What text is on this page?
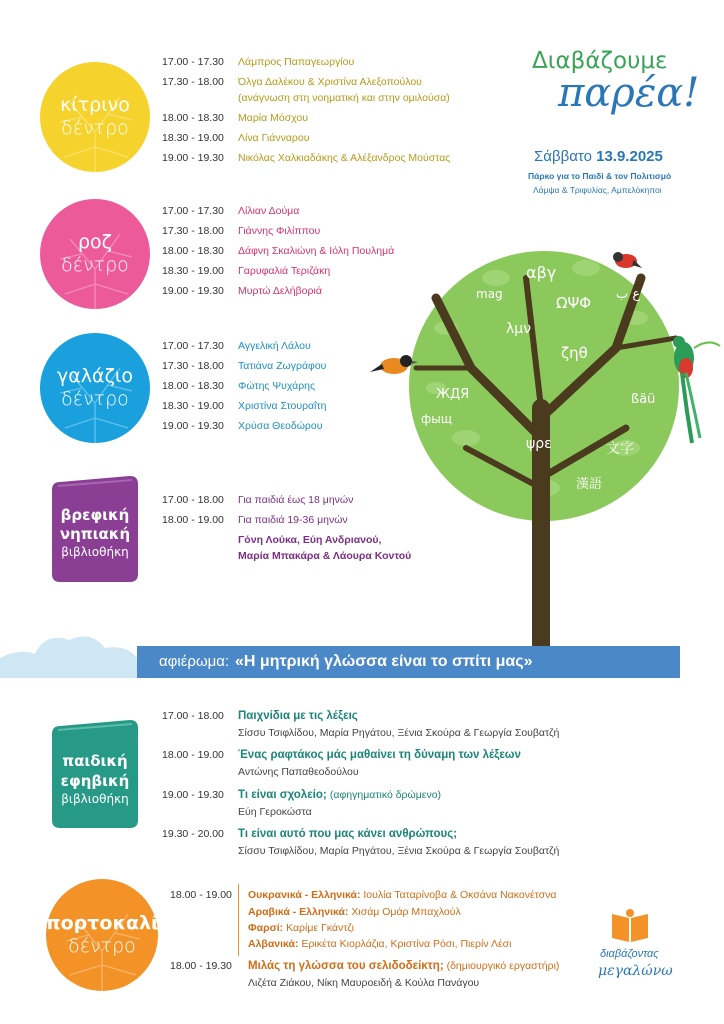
κίτρινο
δέντρο
17.00 - 17.30 Λάμπρος Παπαγεωργίου
17.30 - 18.00 Όλγα Δαλέκου & Χριστίνα Αλεξοπούλου
(ανάγνωση στη νοηματική και στην ομιλούσα)
18.00 - 18.30 Μαρία Μόσχου
18.30 - 19.00 Λίνα Γιάνναρου
19.00 - 19.30 Νικόλας Χαλκιαδάκης & Αλέξανδρος Μούστας
Διαβάζουμε
παρέα!
Σάββατο 13.9.2025
Πάρκο για το Παιδί & τον Πολιτισμό
Λάμψα & Τριφυλίας, Αμπελόκηποι
ροζ
δέντρο
17.00 - 17.30 Λίλιαν Δούμα
17.30 - 18.00 Γιάννης Φιλίππου
18.00 - 18.30 Δάφνη Σκαλιώνη & Ιόλη Πουλημά
18.30 - 19.00 Γαρυφαλιά Τεριζάκη
19.00 - 19.30 Μυρτώ Δελήβοριά
γαλάζιο
δέντρο
17.00 - 17.30 Αγγελική Λάλου
17.30 - 18.00 Τατιάνα Ζωγράφου
18.00 - 18.30 Φώτης Ψυχάρης
18.30 - 19.00 Χριστίνα Στουραΐτη
19.00 - 19.30 Χρύσα Θεοδώρου
βρεφική
νηπιακή
βιβλιοθήκη
17.00 - 18.00 Για παιδιά έως 18 μηνών
18.00 - 19.00 Για παιδιά 19-36 μηνών
Γόνη Λούκα, Εύη Ανδριανού,
Μαρία Μπακάρα & Λάουρα Κοντού
αβγ
ΩΨΦ
λμν
ζηθ
ЖДЯ
фыщ
ßäü
文字
漢語
mag	ع ب
ψρε
αφιέρωμα: «Η μητρική γλώσσα είναι το σπίτι μας»
παιδική
εφηβική
βιβλιοθήκη
17.00 - 18.00 Παιχνίδια με τις λέξεις
Σίσσυ Τσιφλίδου, Μαρία Ρηγάτου, Ξένια Σκούρα & Γεωργία Σουβατζή
18.00 - 19.00 Ένας ραφτάκος μάς μαθαίνει τη δύναμη των λέξεων
Αντώνης Παπαθεοδούλου
19.00 - 19.30 Τι είναι σχολείο; (αφηγηματικό δρώμενο)
Εύη Γεροκώστα
19.30 - 20.00 Τι είναι αυτό που μας κάνει ανθρώπους;
Σίσσυ Τσιφλίδου, Μαρία Ρηγάτου, Ξένια Σκούρα & Γεωργία Σουβατζή
πορτοκαλί
δέντρο
18.00 - 19.00 Ουκρανικά - Ελληνικά: Ιουλία Ταταρίνοβα & Οκσάνα Νακονέτσνα
Αραβικά - Ελληνικά: Χισάμ Ομάρ Μπαχλούλ
Φαρσί: Καρίμε Γκάντζι
Αλβανικά: Ερικέτα Κιορλάζια, Κριστίνα Ρόσι, Πιερίν Λέσι
18.00 - 19.30 Μιλάς τη γλώσσα του σελιδοδείκτη; (δημιουργικό εργαστήρι)
Λιζέτα Ζιάκου, Νίκη Μαυροειδή & Κούλα Πανάγου
διαβάζοντας
μεγαλώνω
